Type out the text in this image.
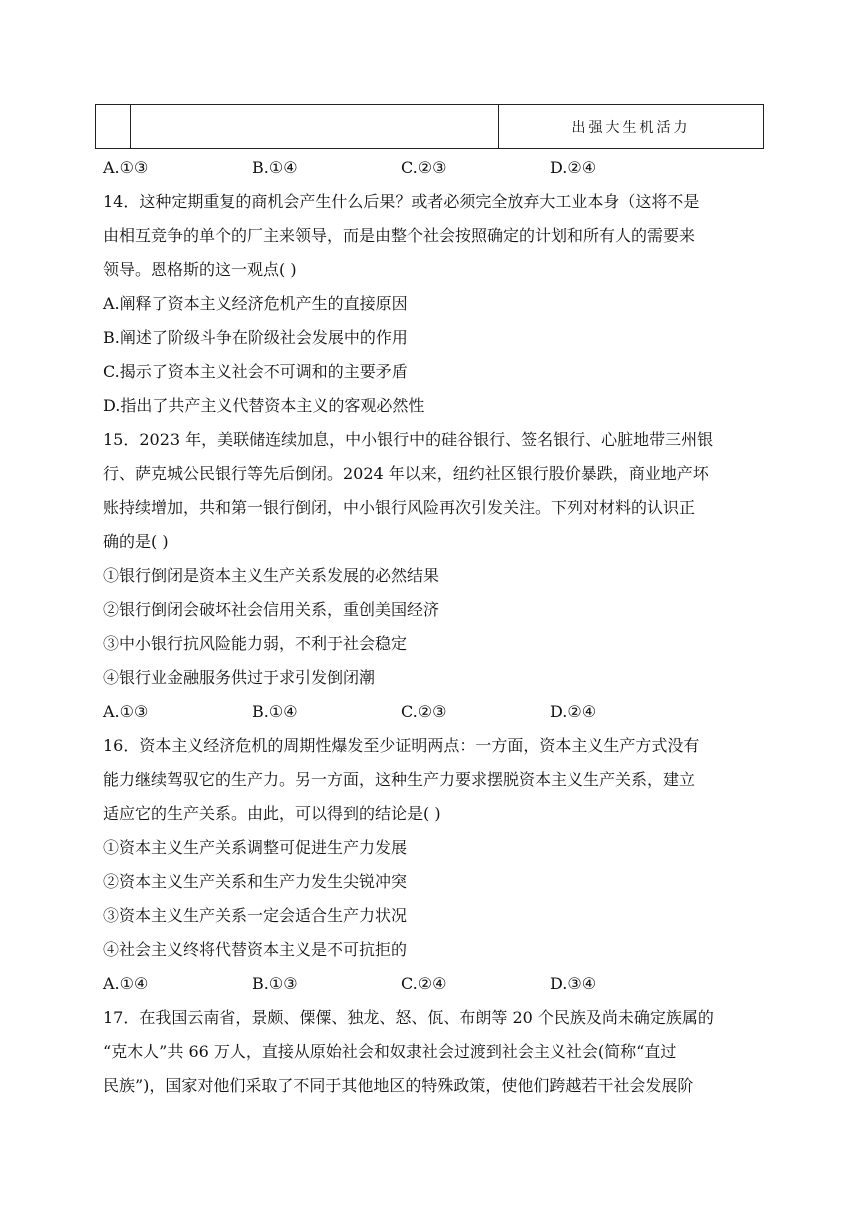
出强大生机活力
A.①③	B.①④	C.②③	D.②④
14．这种定期重复的商机会产生什么后果？或者必须完全放弃大工业本身（这将不是
由相互竞争的单个的厂主来领导，而是由整个社会按照确定的计划和所有人的需要来
领导。恩格斯的这一观点( )
A.阐释了资本主义经济危机产生的直接原因
B.阐述了阶级斗争在阶级社会发展中的作用
C.揭示了资本主义社会不可调和的主要矛盾
D.指出了共产主义代替资本主义的客观必然性
15．2023 年，美联储连续加息，中小银行中的硅谷银行、签名银行、心脏地带三州银
行、萨克城公民银行等先后倒闭。2024 年以来，纽约社区银行股价暴跌，商业地产坏
账持续增加，共和第一银行倒闭，中小银行风险再次引发关注。下列对材料的认识正
确的是( )
①银行倒闭是资本主义生产关系发展的必然结果
②银行倒闭会破坏社会信用关系，重创美国经济
③中小银行抗风险能力弱，不利于社会稳定
④银行业金融服务供过于求引发倒闭潮
A.①③	B.①④	C.②③	D.②④
16．资本主义经济危机的周期性爆发至少证明两点：一方面，资本主义生产方式没有
能力继续驾驭它的生产力。另一方面，这种生产力要求摆脱资本主义生产关系，建立
适应它的生产关系。由此，可以得到的结论是( )
①资本主义生产关系调整可促进生产力发展
②资本主义生产关系和生产力发生尖锐冲突
③资本主义生产关系一定会适合生产力状况
④社会主义终将代替资本主义是不可抗拒的
A.①④	B.①③	C.②④	D.③④
17．在我国云南省，景颇、傈僳、独龙、怒、佤、布朗等 20 个民族及尚未确定族属的
“克木人”共 66 万人，直接从原始社会和奴隶社会过渡到社会主义社会(简称“直过
民族”)，国家对他们采取了不同于其他地区的特殊政策，使他们跨越若干社会发展阶
